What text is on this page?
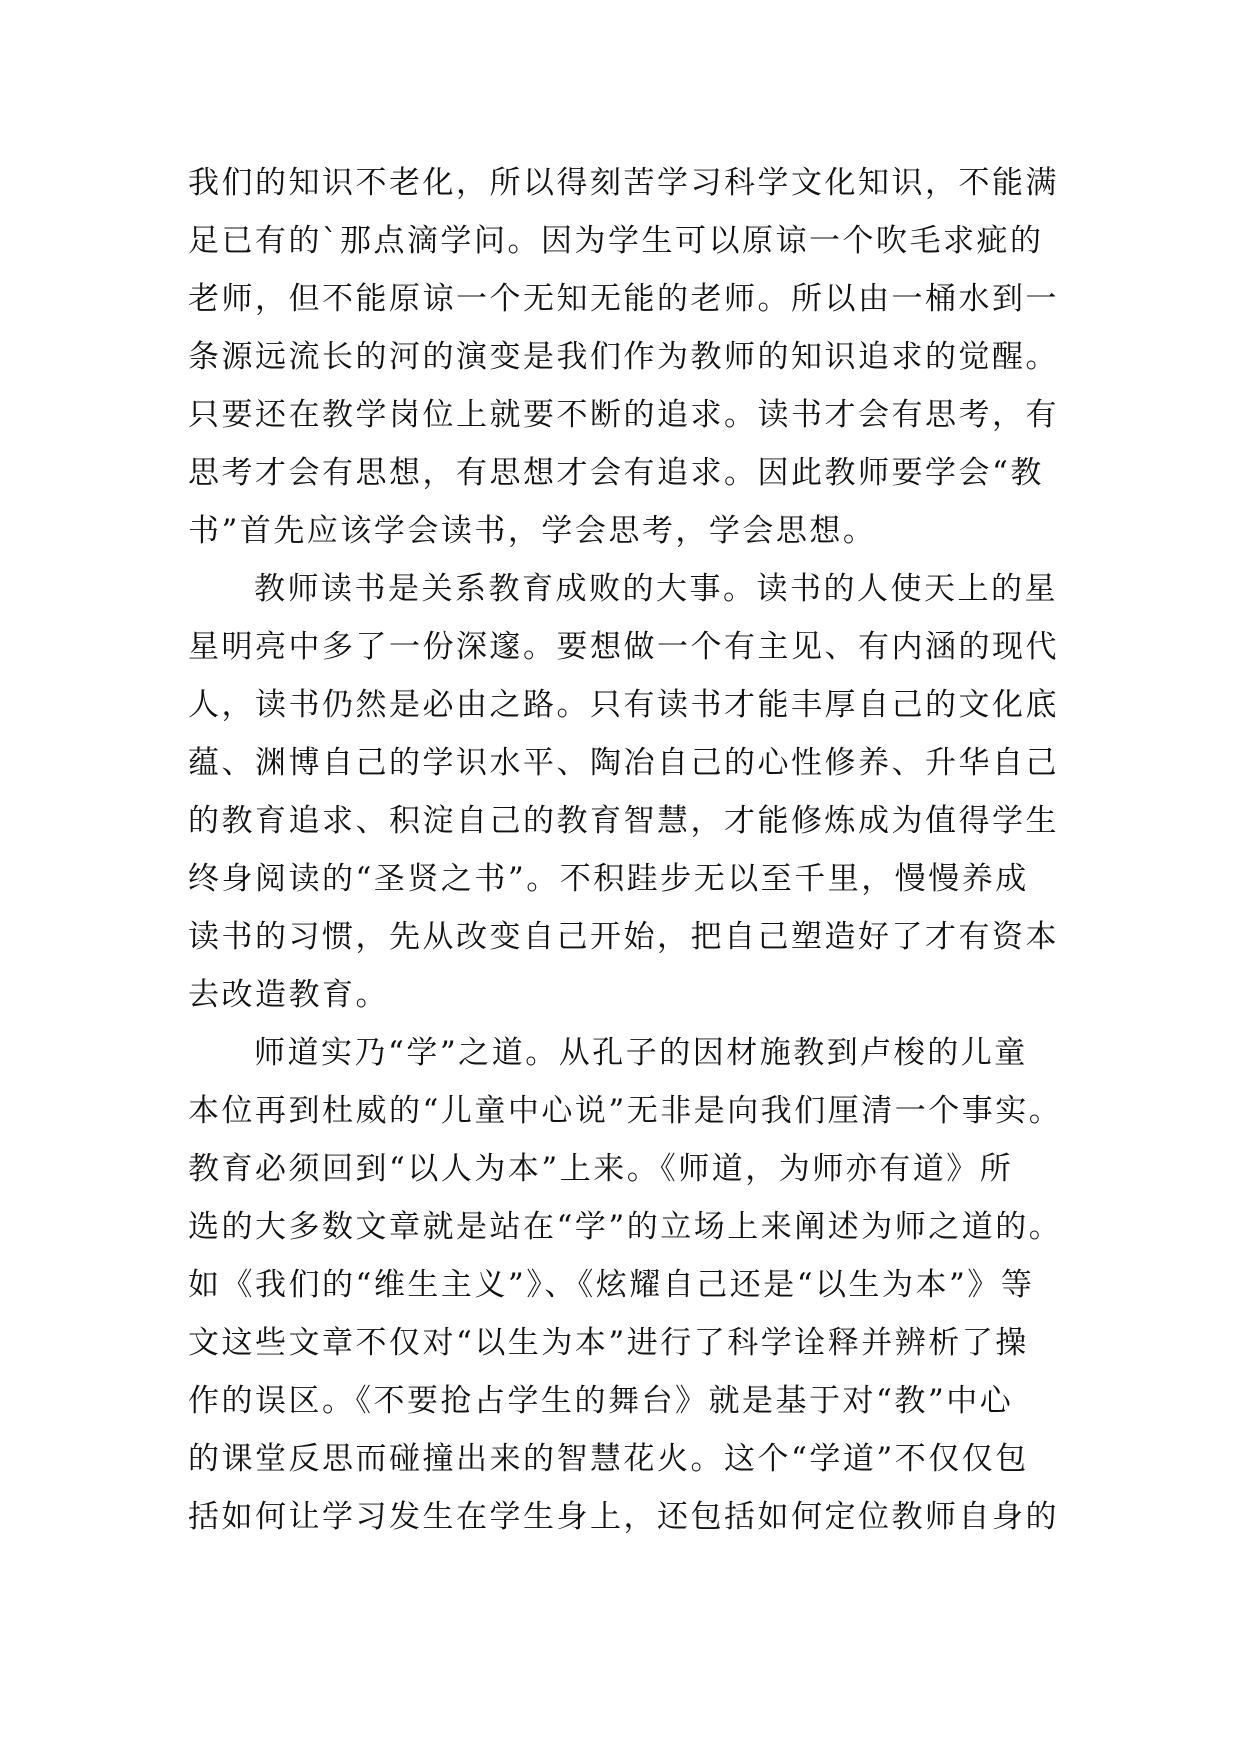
我们的知识不老化，所以得刻苦学习科学文化知识，不能满
足已有的`那点滴学问。因为学生可以原谅一个吹毛求疵的
老师，但不能原谅一个无知无能的老师。所以由一桶水到一
条源远流长的河的演变是我们作为教师的知识追求的觉醒。
只要还在教学岗位上就要不断的追求。读书才会有思考，有
思考才会有思想，有思想才会有追求。因此教师要学会“教
书”首先应该学会读书，学会思考，学会思想。
教师读书是关系教育成败的大事。读书的人使天上的星
星明亮中多了一份深邃。要想做一个有主见、有内涵的现代
人，读书仍然是必由之路。只有读书才能丰厚自己的文化底
蕴、渊博自己的学识水平、陶冶自己的心性修养、升华自己
的教育追求、积淀自己的教育智慧，才能修炼成为值得学生
终身阅读的“圣贤之书”。不积跬步无以至千里，慢慢养成
读书的习惯，先从改变自己开始，把自己塑造好了才有资本
去改造教育。
师道实乃“学”之道。从孔子的因材施教到卢梭的儿童
本位再到杜威的“儿童中心说”无非是向我们厘清一个事实。
教育必须回到“以人为本”上来。《师道，为师亦有道》所
选的大多数文章就是站在“学”的立场上来阐述为师之道的。
如《我们的“维生主义”》、《炫耀自己还是“以生为本”》等
文这些文章不仅对“以生为本”进行了科学诠释并辨析了操
作的误区。《不要抢占学生的舞台》就是基于对“教”中心
的课堂反思而碰撞出来的智慧花火。这个“学道”不仅仅包
括如何让学习发生在学生身上，还包括如何定位教师自身的
